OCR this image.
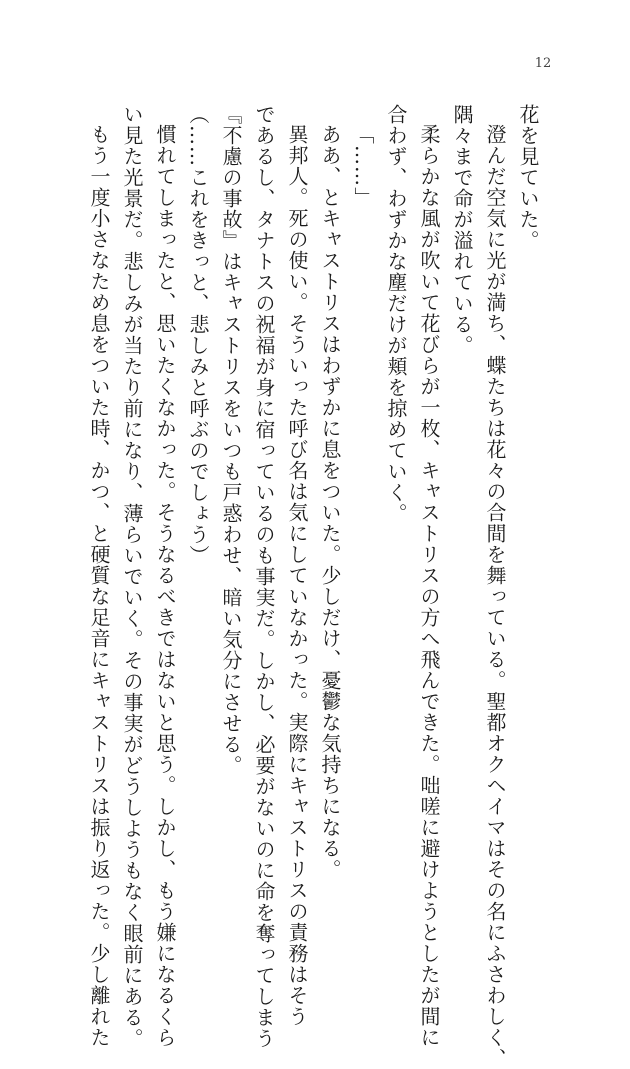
12
花を見ていた。
澄んだ空気に光が満ち、蝶たちは花々の合間を舞っている。聖都オクヘイマはその名にふさわしく、
隅々まで命が溢れている。
柔らかな風が吹いて花びらが一枚、キャストリスの方へ飛んできた。咄嗟に避けようとしたが間に
合わず、わずかな塵だけが頬を掠めていく。
「……」
ああ、とキャストリスはわずかに息をついた。少しだけ、憂鬱な気持ちになる。
異邦人。死の使い。そういった呼び名は気にしていなかった。実際にキャストリスの責務はそう
であるし、タナトスの祝福が身に宿っているのも事実だ。しかし、必要がないのに命を奪ってしまう
『不慮の事故』はキャストリスをいつも戸惑わせ、暗い気分にさせる。
（……これをきっと、悲しみと呼ぶのでしょう）
慣れてしまったと、思いたくなかった。そうなるべきではないと思う。しかし、もう嫌になるくら
い見た光景だ。悲しみが当たり前になり、薄らいでいく。その事実がどうしようもなく眼前にある。
もう一度小さなため息をついた時、かつ、と硬質な足音にキャストリスは振り返った。少し離れた
